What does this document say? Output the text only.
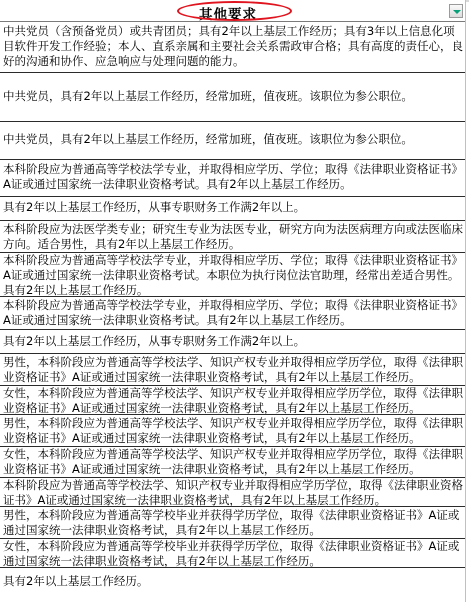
其他要求
中共党员（含预备党员）或共青团员；具有2年以上基层工作经历；具有3年以上信息化项目软件开发工作经验；本人、直系亲属和主要社会关系需政审合格；具有高度的责任心，良好的沟通和协作、应急响应与处理问题的能力。
中共党员，具有2年以上基层工作经历，经常加班，值夜班。该职位为参公职位。
中共党员，具有2年以上基层工作经历，经常加班，值夜班。该职位为参公职位。
本科阶段应为普通高等学校法学专业，并取得相应学历、学位；取得《法律职业资格证书》A证或通过国家统一法律职业资格考试。具有2年以上基层工作经历。
具有2年以上基层工作经历，从事专职财务工作满2年以上。
本科阶段应为法医学类专业；研究生专业为法医专业，研究方向为法医病理方向或法医临床方向。适合男性，具有2年以上基层工作经历。
本科阶段应为普通高等学校法学专业，并取得相应学历、学位；取得《法律职业资格证书》A证或通过国家统一法律职业资格考试。本职位为执行岗位法官助理，经常出差适合男性。具有2年以上基层工作经历。
本科阶段应为普通高等学校法学专业，并取得相应学历、学位；取得《法律职业资格证书》A证或通过国家统一法律职业资格考试。具有2年以上基层工作经历。
具有2年以上基层工作经历，从事专职财务工作满2年以上。
男性，本科阶段应为普通高等学校法学、知识产权专业并取得相应学历学位，取得《法律职业资格证书》A证或通过国家统一法律职业资格考试，具有2年以上基层工作经历。
女性，本科阶段应为普通高等学校法学、知识产权专业并取得相应学历学位，取得《法律职业资格证书》A证或通过国家统一法律职业资格考试，具有2年以上基层工作经历。
男性，本科阶段应为普通高等学校法学、知识产权专业并取得相应学历学位，取得《法律职业资格证书》A证或通过国家统一法律职业资格考试，具有2年以上基层工作经历。
女性，本科阶段应为普通高等学校法学、知识产权专业并取得相应学历学位，取得《法律职业资格证书》A证或通过国家统一法律职业资格考试，具有2年以上基层工作经历。
本科阶段应为普通高等学校法学、知识产权专业并取得相应学历学位，取得《法律职业资格证书》A证或通过国家统一法律职业资格考试，具有2年以上基层工作经历。
男性，本科阶段应为普通高等学校毕业并获得学历学位，取得《法律职业资格证书》A证或通过国家统一法律职业资格考试，具有2年以上基层工作经历。
女性，本科阶段应为普通高等学校毕业并获得学历学位，取得《法律职业资格证书》A证或通过国家统一法律职业资格考试，具有2年以上基层工作经历。
具有2年以上基层工作经历。
